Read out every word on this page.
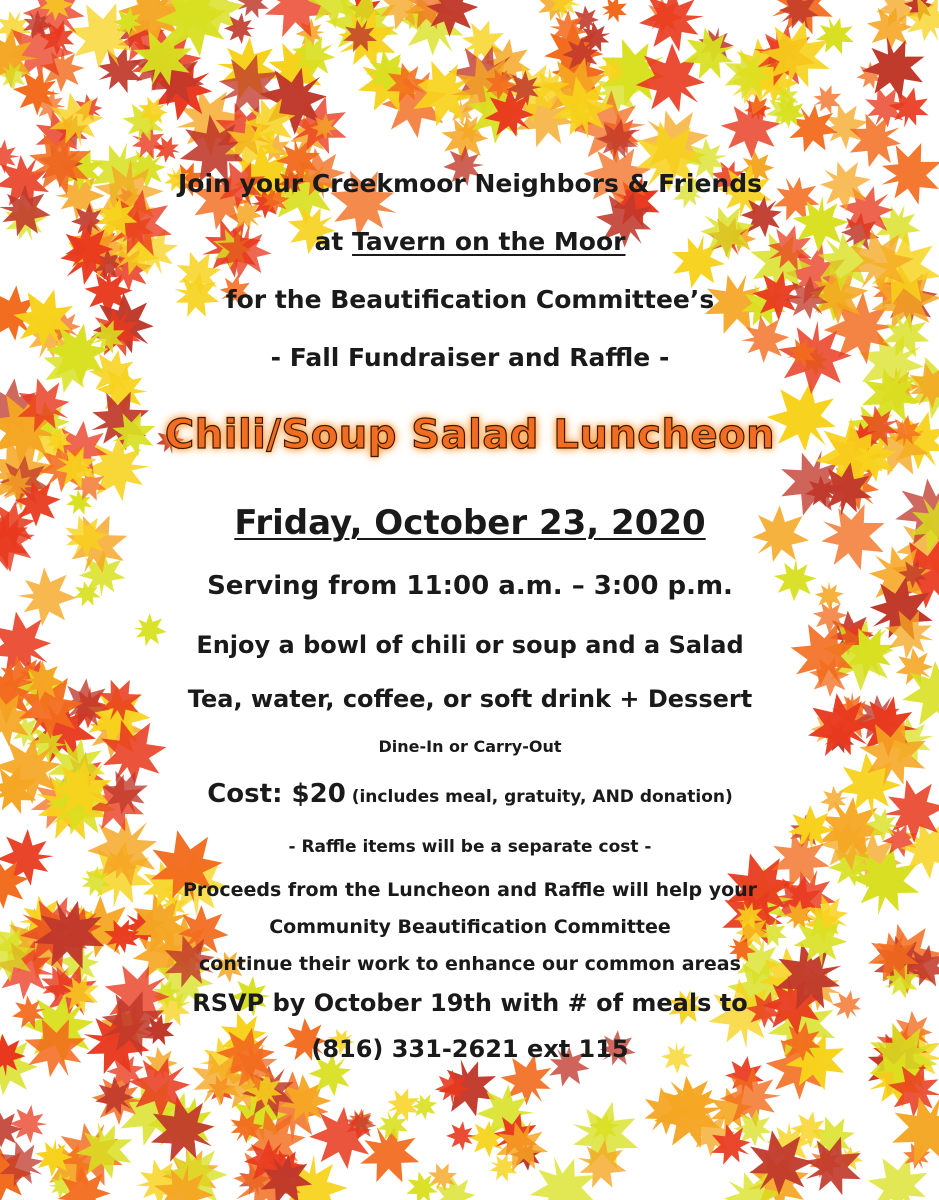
Join your Creekmoor Neighbors & Friends
at Tavern on the Moor
for the Beautification Committee’s
- Fall Fundraiser and Raffle -
Chili/Soup Salad Luncheon
Friday, October 23, 2020
Serving from 11:00 a.m. – 3:00 p.m.
Enjoy a bowl of chili or soup and a Salad
Tea, water, coffee, or soft drink + Dessert
Dine-In or Carry-Out
Cost: $20 (includes meal, gratuity, AND donation)
- Raffle items will be a separate cost -
Proceeds from the Luncheon and Raffle will help your
Community Beautification Committee
continue their work to enhance our common areas
RSVP by October 19th with # of meals to
(816) 331-2621 ext 115
